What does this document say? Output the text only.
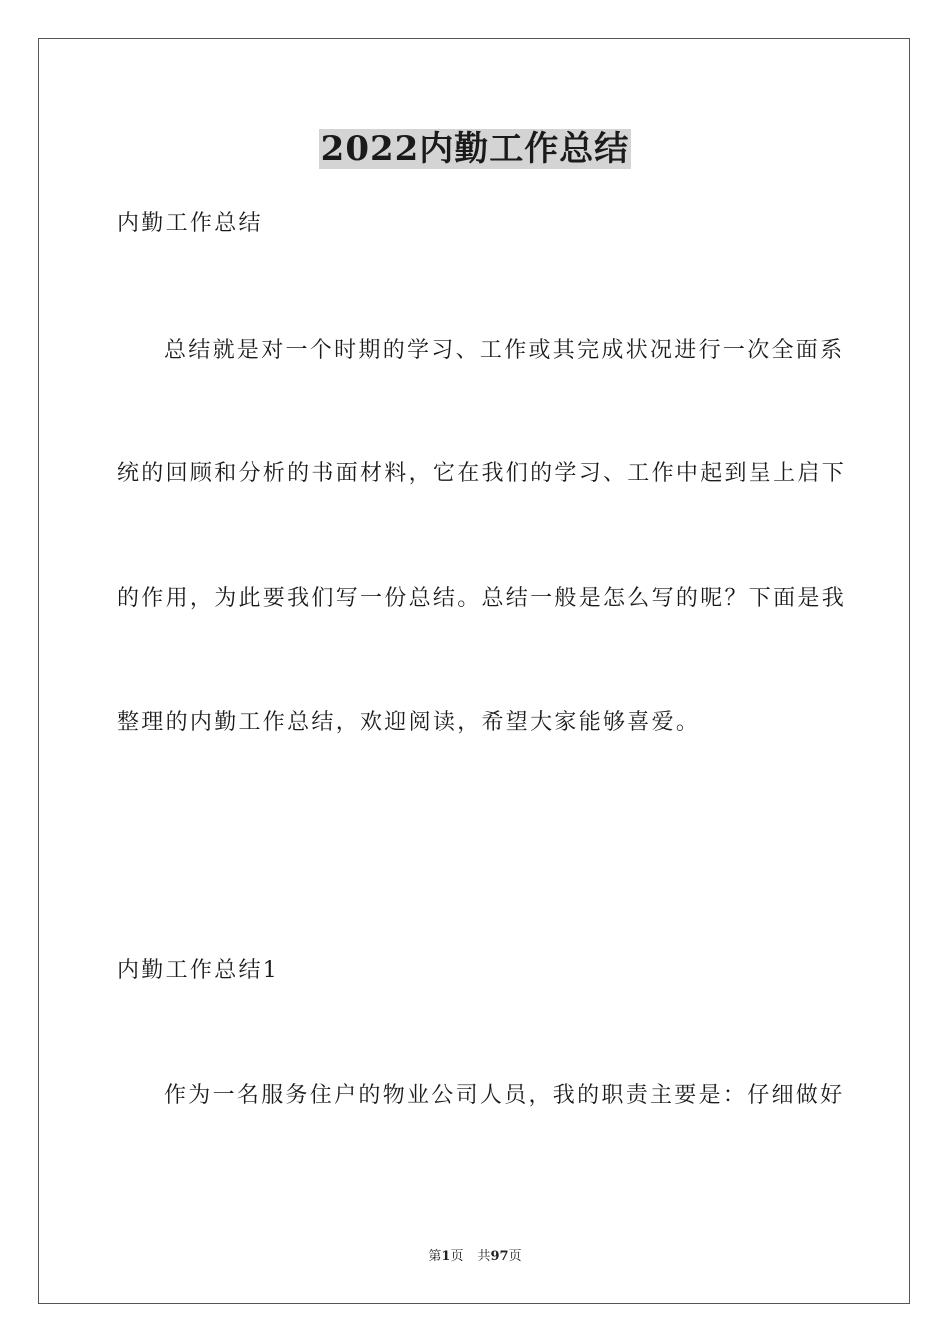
2022内勤工作总结
内勤工作总结
总结就是对一个时期的学习、工作或其完成状况进行一次全面系
统的回顾和分析的书面材料，它在我们的学习、工作中起到呈上启下
的作用，为此要我们写一份总结。总结一般是怎么写的呢？下面是我
整理的内勤工作总结，欢迎阅读，希望大家能够喜爱。
内勤工作总结1
作为一名服务住户的物业公司人员，我的职责主要是：仔细做好
第1页 共97页
